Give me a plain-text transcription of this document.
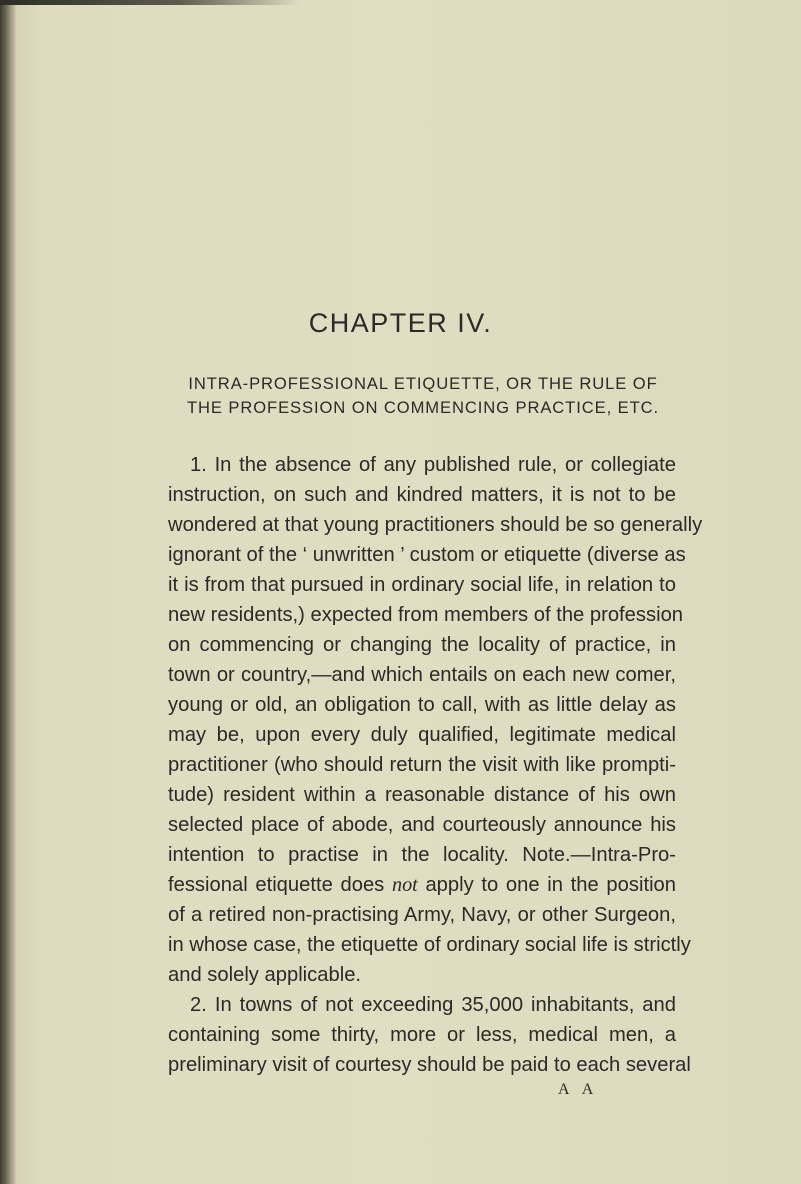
CHAPTER IV.
INTRA-PROFESSIONAL ETIQUETTE, OR THE RULE OF
THE PROFESSION ON COMMENCING PRACTICE, ETC.
1. In the absence of any published rule, or collegiate
instruction, on such and kindred matters, it is not to be
wondered at that young practitioners should be so generally
ignorant of the ‘ unwritten ’ custom or etiquette (diverse as
it is from that pursued in ordinary social life, in relation to
new residents,) expected from members of the profession
on commencing or changing the locality of practice, in
town or country,—and which entails on each new comer,
young or old, an obligation to call, with as little delay as
may be, upon every duly qualified, legitimate medical
practitioner (who should return the visit with like prompti-
tude) resident within a reasonable distance of his own
selected place of abode, and courteously announce his
intention to practise in the locality. Note.—Intra-Pro-
fessional etiquette does not apply to one in the position
of a retired non-practising Army, Navy, or other Surgeon,
in whose case, the etiquette of ordinary social life is strictly
and solely applicable.
2. In towns of not exceeding 35,000 inhabitants, and
containing some thirty, more or less, medical men, a
preliminary visit of courtesy should be paid to each several
A A
